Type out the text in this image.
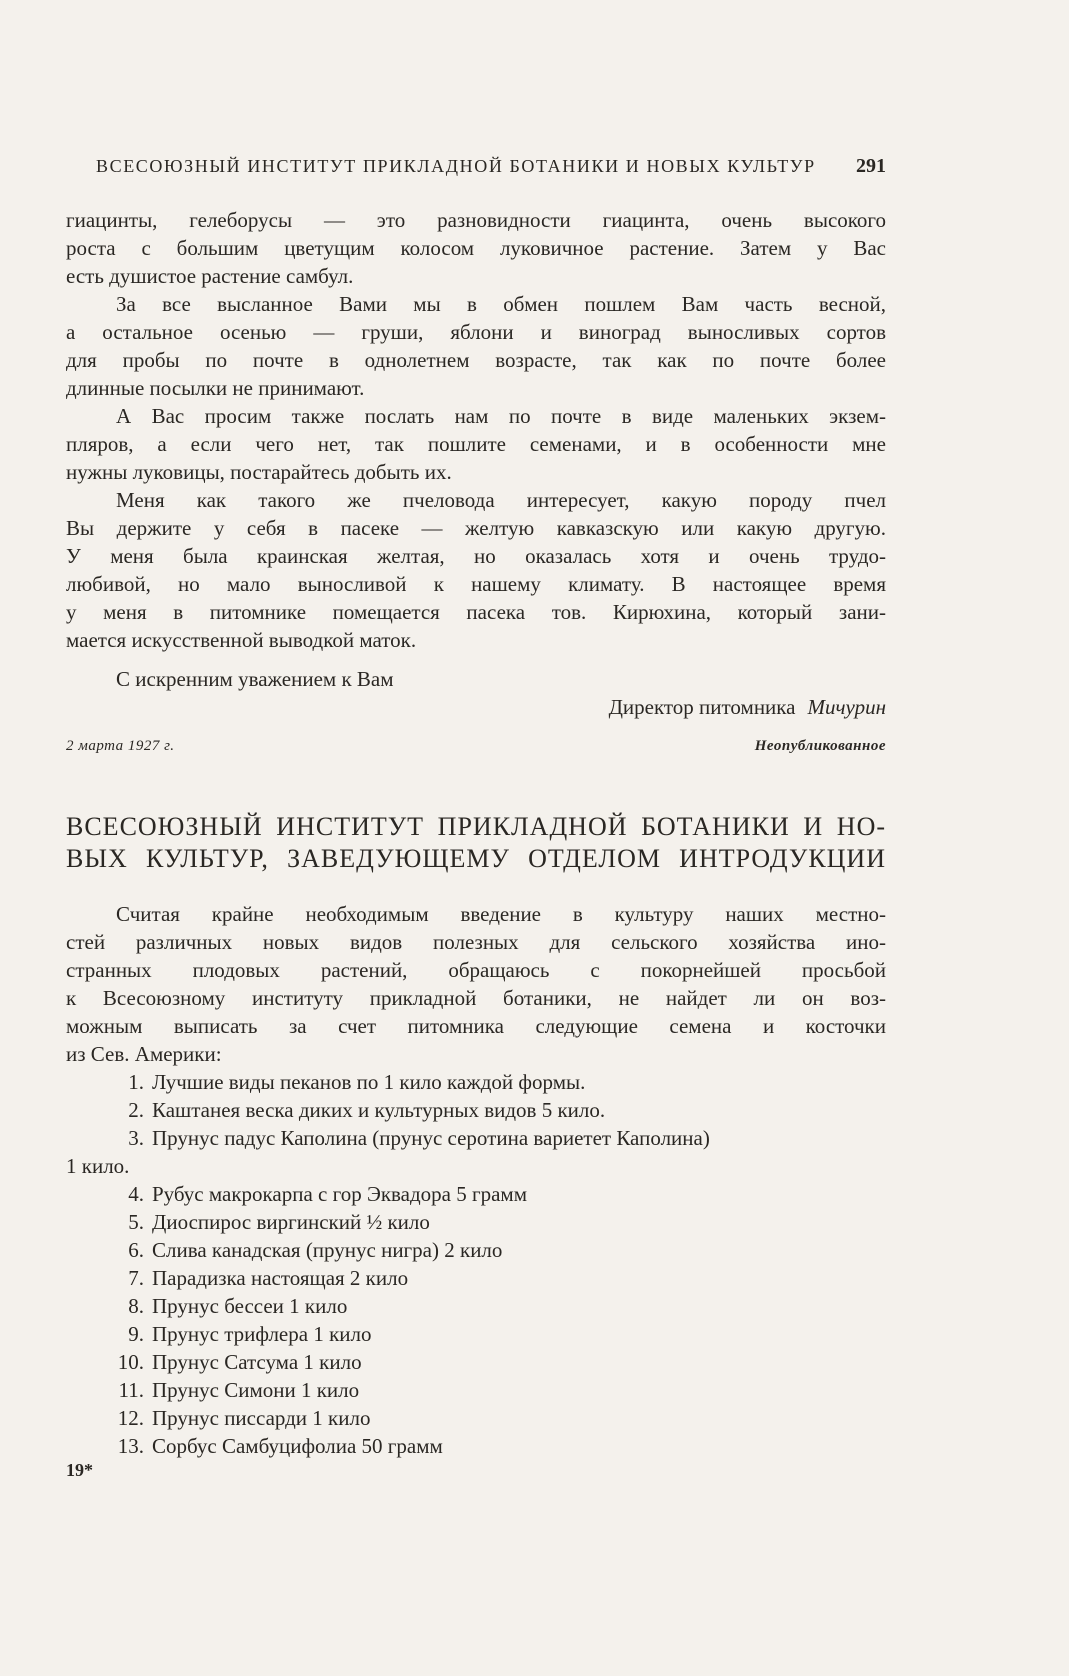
ВСЕСОЮЗНЫЙ ИНСТИТУТ ПРИКЛАДНОЙ БОТАНИКИ И НОВЫХ КУЛЬТУР 291
гиацинты, гелеборусы — это разновидности гиацинта, очень высокого
роста с большим цветущим колосом луковичное растение. Затем у Вас
есть душистое растение самбул.
За все высланное Вами мы в обмен пошлем Вам часть весной,
а остальное осенью — груши, яблони и виноград выносливых сортов
для пробы по почте в однолетнем возрасте, так как по почте более
длинные посылки не принимают.
А Вас просим также послать нам по почте в виде маленьких экзем-
пляров, а если чего нет, так пошлите семенами, и в особенности мне
нужны луковицы, постарайтесь добыть их.
Меня как такого же пчеловода интересует, какую породу пчел
Вы держите у себя в пасеке — желтую кавказскую или какую другую.
У меня была краинская желтая, но оказалась хотя и очень трудо-
любивой, но мало выносливой к нашему климату. В настоящее время
у меня в питомнике помещается пасека тов. Кирюхина, который зани-
мается искусственной выводкой маток.
С искренним уважением к Вам
Директор питомника Мичурин
2 марта 1927 г.	Неопубликованное
ВСЕСОЮЗНЫЙ ИНСТИТУТ ПРИКЛАДНОЙ БОТАНИКИ И НО-
ВЫХ КУЛЬТУР, ЗАВЕДУЮЩЕМУ ОТДЕЛОМ ИНТРОДУКЦИИ
Считая крайне необходимым введение в культуру наших местно-
стей различных новых видов полезных для сельского хозяйства ино-
странных плодовых растений, обращаюсь с покорнейшей просьбой
к Всесоюзному институту прикладной ботаники, не найдет ли он воз-
можным выписать за счет питомника следующие семена и косточки
из Сев. Америки:
1. Лучшие виды пеканов по 1 кило каждой формы.
2. Каштанея веска диких и культурных видов 5 кило.
3. Прунус падус Каполина (прунус серотина вариетет Каполина)
1 кило.
4. Рубус макрокарпа с гор Эквадора 5 грамм
5. Диоспирос виргинский ½ кило
6. Слива канадская (прунус нигра) 2 кило
7. Парадизка настоящая 2 кило
8. Прунус бессеи 1 кило
9. Прунус трифлера 1 кило
10. Прунус Сатсума 1 кило
11. Прунус Симони 1 кило
12. Прунус писсарди 1 кило
13. Сорбус Самбуцифолиа 50 грамм
19*
